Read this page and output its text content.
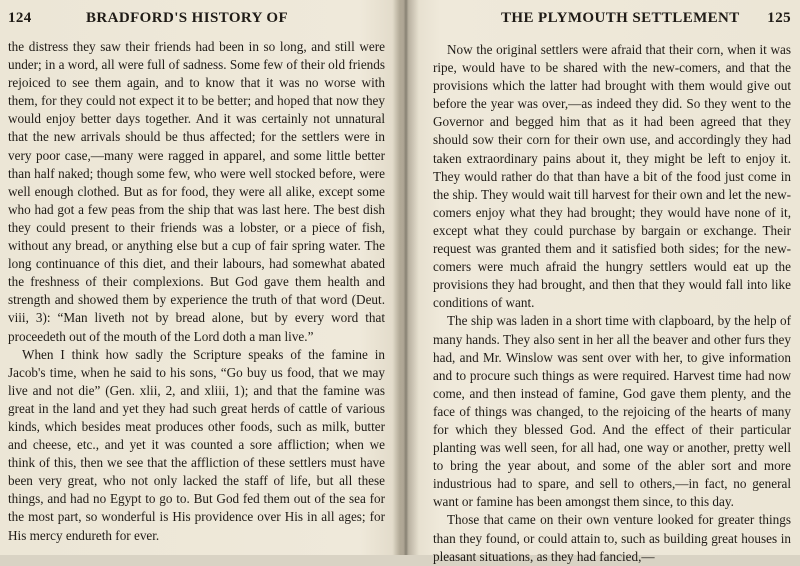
124	BRADFORD'S HISTORY OF

the distress they saw their friends had been in so long, and still were under; in a word, all were full of sadness. Some few of their old friends rejoiced to see them again, and to know that it was no worse with them, for they could not expect it to be better; and hoped that now they would enjoy better days together. And it was certainly not unnatural that the new arrivals should be thus affected; for the settlers were in very poor case,—many were ragged in apparel, and some little better than half naked; though some few, who were well stocked before, were well enough clothed. But as for food, they were all alike, except some who had got a few peas from the ship that was last here. The best dish they could present to their friends was a lobster, or a piece of fish, without any bread, or anything else but a cup of fair spring water. The long continuance of this diet, and their labours, had somewhat abated the freshness of their complexions. But God gave them health and strength and showed them by experience the truth of that word (Deut. viii, 3): “Man liveth not by bread alone, but by every word that proceedeth out of the mouth of the Lord doth a man live.”

When I think how sadly the Scripture speaks of the famine in Jacob's time, when he said to his sons, “Go buy us food, that we may live and not die” (Gen. xlii, 2, and xliii, 1); and that the famine was great in the land and yet they had such great herds of cattle of various kinds, which besides meat produces other foods, such as milk, butter and cheese, etc., and yet it was counted a sore affliction; when we think of this, then we see that the affliction of these settlers must have been very great, who not only lacked the staff of life, but all these things, and had no Egypt to go to. But God fed them out of the sea for the most part, so wonderful is His providence over His in all ages; for His mercy endureth for ever.

THE PLYMOUTH SETTLEMENT 125

Now the original settlers were afraid that their corn, when it was ripe, would have to be shared with the new-comers, and that the provisions which the latter had brought with them would give out before the year was over,—as indeed they did. So they went to the Governor and begged him that as it had been agreed that they should sow their corn for their own use, and accordingly they had taken extraordinary pains about it, they might be left to enjoy it. They would rather do that than have a bit of the food just come in the ship. They would wait till harvest for their own and let the new-comers enjoy what they had brought; they would have none of it, except what they could purchase by bargain or exchange. Their request was granted them and it satisfied both sides; for the new-comers were much afraid the hungry settlers would eat up the provisions they had brought, and then that they would fall into like conditions of want.

The ship was laden in a short time with clapboard, by the help of many hands. They also sent in her all the beaver and other furs they had, and Mr. Winslow was sent over with her, to give information and to procure such things as were required. Harvest time had now come, and then instead of famine, God gave them plenty, and the face of things was changed, to the rejoicing of the hearts of many for which they blessed God. And the effect of their particular planting was well seen, for all had, one way or another, pretty well to bring the year about, and some of the abler sort and more industrious had to spare, and sell to others,—in fact, no general want or famine has been amongst them since, to this day.

Those that came on their own venture looked for greater things than they found, or could attain to, such as building great houses in pleasant situations, as they had fancied,—
